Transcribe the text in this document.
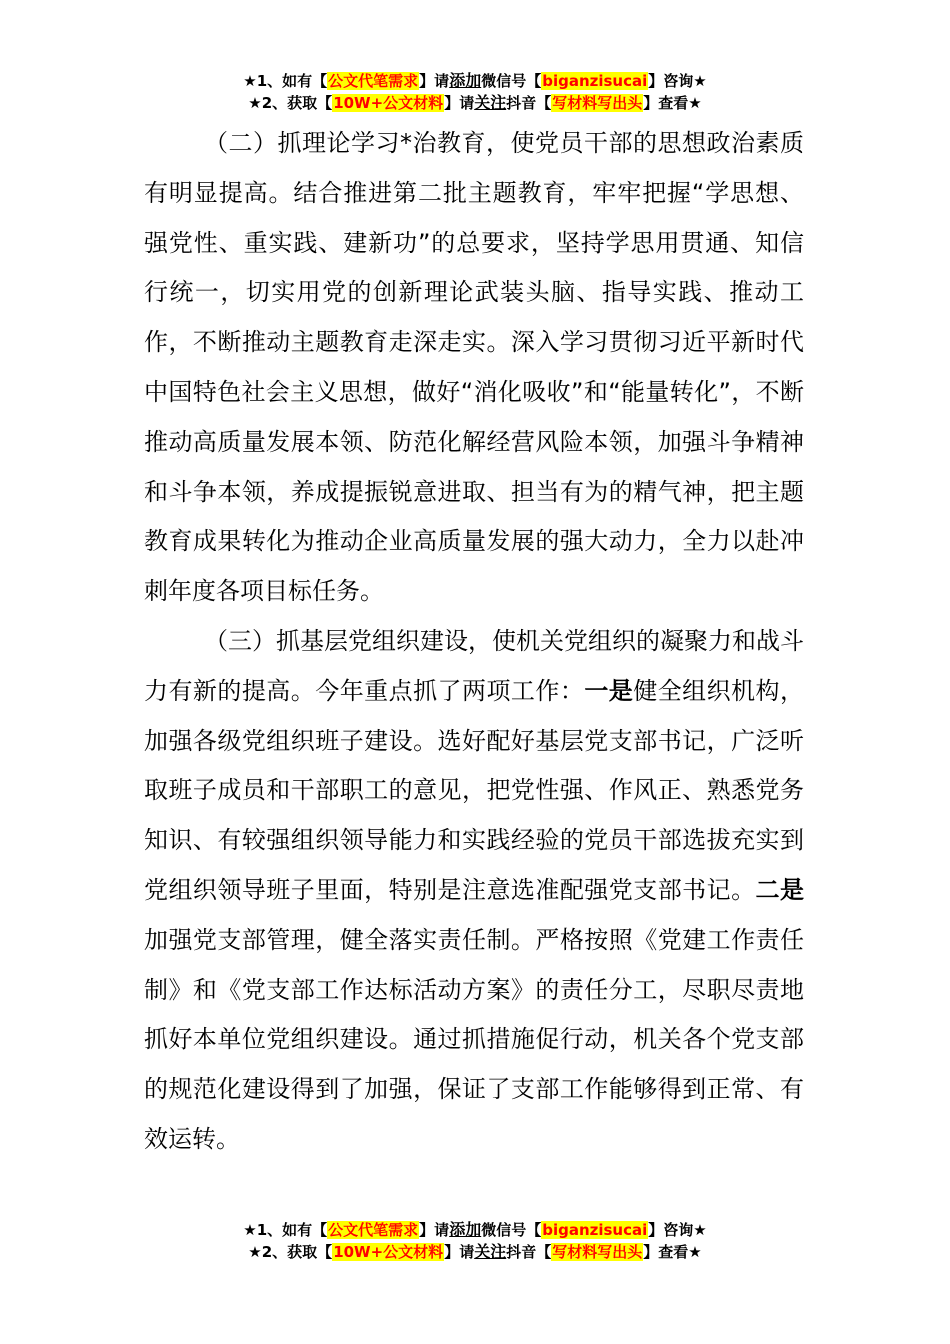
★1、如有【公文代笔需求】请添加微信号【biganzisucai】咨询★
★2、获取【10W+公文材料】请关注抖音【写材料写出头】查看★

（二）抓理论学习*治教育，使党员干部的思想政治素质有明显提高。结合推进第二批主题教育，牢牢把握“学思想、强党性、重实践、建新功”的总要求，坚持学思用贯通、知信行统一，切实用党的创新理论武装头脑、指导实践、推动工作，不断推动主题教育走深走实。深入学习贯彻习近平新时代中国特色社会主义思想，做好“消化吸收”和“能量转化”，不断推动高质量发展本领、防范化解经营风险本领，加强斗争精神和斗争本领，养成提振锐意进取、担当有为的精气神，把主题教育成果转化为推动企业高质量发展的强大动力，全力以赴冲刺年度各项目标任务。

（三）抓基层党组织建设，使机关党组织的凝聚力和战斗力有新的提高。今年重点抓了两项工作：一是健全组织机构，加强各级党组织班子建设。选好配好基层党支部书记，广泛听取班子成员和干部职工的意见，把党性强、作风正、熟悉党务知识、有较强组织领导能力和实践经验的党员干部选拔充实到党组织领导班子里面，特别是注意选准配强党支部书记。二是加强党支部管理，健全落实责任制。严格按照《党建工作责任制》和《党支部工作达标活动方案》的责任分工，尽职尽责地抓好本单位党组织建设。通过抓措施促行动，机关各个党支部的规范化建设得到了加强，保证了支部工作能够得到正常、有效运转。

★1、如有【公文代笔需求】请添加微信号【biganzisucai】咨询★
★2、获取【10W+公文材料】请关注抖音【写材料写出头】查看★
